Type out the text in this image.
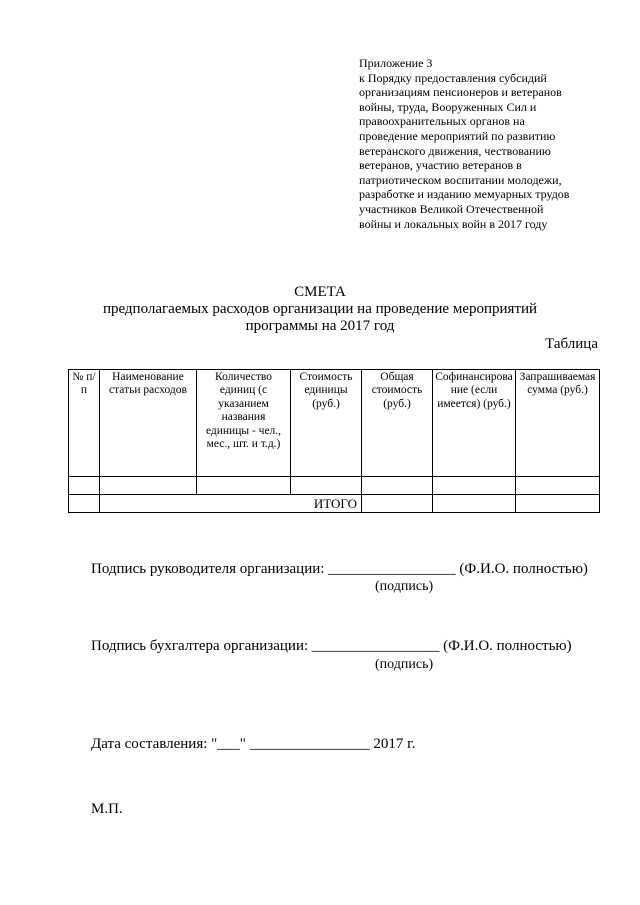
Приложение 3
к Порядку предоставления субсидий
организациям пенсионеров и ветеранов
войны, труда, Вооруженных Сил и
правоохранительных органов на
проведение мероприятий по развитию
ветеранского движения, чествованию
ветеранов, участию ветеранов в
патриотическом воспитании молодежи,
разработке и изданию мемуарных трудов
участников Великой Отечественной
войны и локальных войн в 2017 году
СМЕТА
предполагаемых расходов организации на проведение мероприятий
программы на 2017 год
Таблица
№ п/п	Наименование статьи расходов	Количество единиц (с указанием названия единицы - чел., мес., шт. и т.д.)	Стоимость единицы (руб.)	Общая стоимость (руб.)	Софинансирование (если имеется) (руб.)	Запрашиваемая сумма (руб.)

	ИТОГО					
Подпись руководителя организации: _________________ (Ф.И.О. полностью)
(подпись)
Подпись бухгалтера организации: _________________ (Ф.И.О. полностью)
(подпись)
Дата составления: "___" ________________ 2017 г.
М.П.
